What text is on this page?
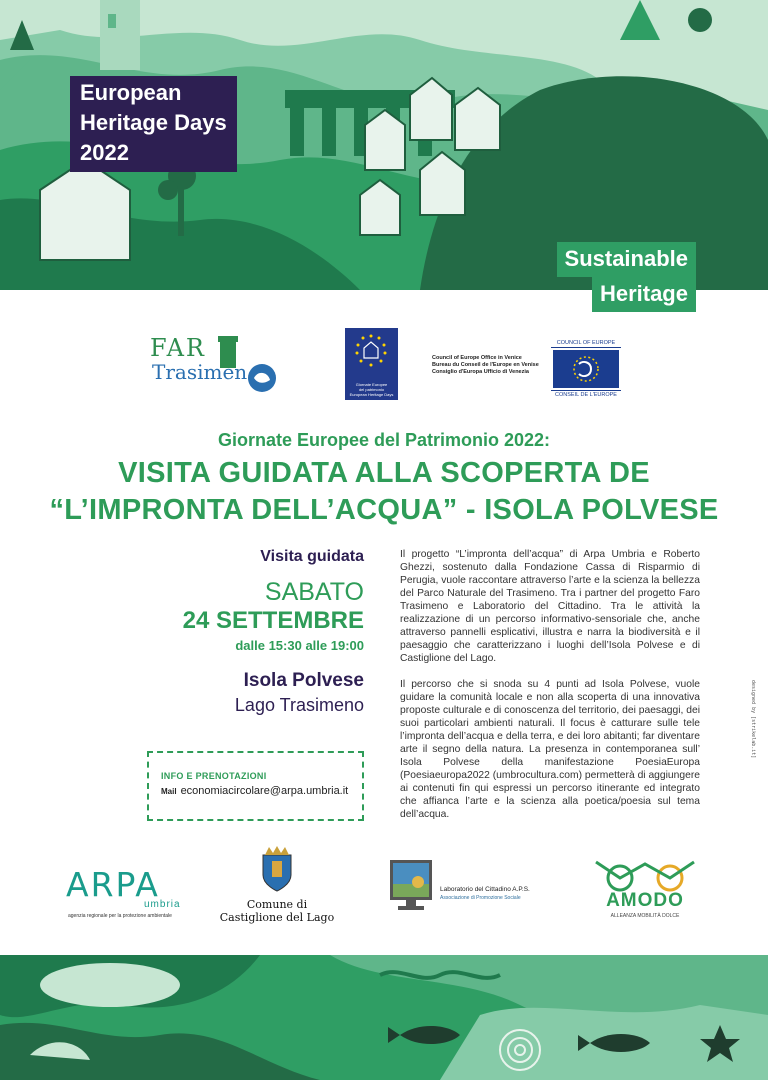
European
Heritage Days
2022
Sustainable
Heritage
FAR
Trasimen
Giornate Europee
del patrimonio
European Heritage Days
Council of Europe Office in Venice
Bureau du Conseil de l'Europe en Venise
Consiglio d'Europa Ufficio di Venezia
COUNCIL OF EUROPE
CONSEIL DE L'EUROPE
Giornate Europee del Patrimonio 2022:
VISITA GUIDATA ALLA SCOPERTA DE
“L’IMPRONTA DELL’ACQUA” - ISOLA POLVESE
Visita guidata
SABATO
24 SETTEMBRE
dalle 15:30 alle 19:00
Isola Polvese
Lago Trasimeno
INFO E PRENOTAZIONI
Mail economiacircolare@arpa.umbria.it

Il progetto “L’impronta dell’acqua” di Arpa Umbria e Roberto Ghezzi, sostenuto dalla Fondazione Cassa di Risparmio di Perugia, vuole raccontare attraverso l’arte e la scienza la bellezza del Parco Naturale del Trasimeno. Tra i partner del progetto Faro Trasimeno e Laboratorio del Cittadino. Tra le attività la realizzazione di un percorso informativo-sensoriale che, anche attraverso pannelli esplicativi, illustra e narra la biodiversità e il paesaggio che caratterizzano i luoghi dell’Isola Polvese e di Castiglione del Lago.

Il percorso che si snoda su 4 punti ad Isola Polvese, vuole guidare la comunità locale e non alla scoperta di una innovativa proposte culturale e di conoscenza del territorio, dei paesaggi, dei suoi particolari ambienti naturali. Il focus è catturare sulle tele l’impronta dell’acqua e della terra, e dei loro abitanti; far diventare arte il segno della natura. La presenza in contemporanea sull’ Isola Polvese della manifestazione PoesiaEuropa (Poesiaeuropa2022 (umbrocultura.com) permetterà di aggiungere ai contenuti fin qui espressi un percorso itinerante ed integrato che affianca l’arte e la scienza alla poetica/poesia sul tema dell’acqua.

designed by [strikelab.it]
ARPA
umbria
agenzia regionale per la protezione ambientale
Comune di
Castiglione del Lago
Laboratorio del Cittadino A.P.S.
Associazione di Promozione Sociale	AMODO
ALLEANZA MOBILITÀ DOLCE
